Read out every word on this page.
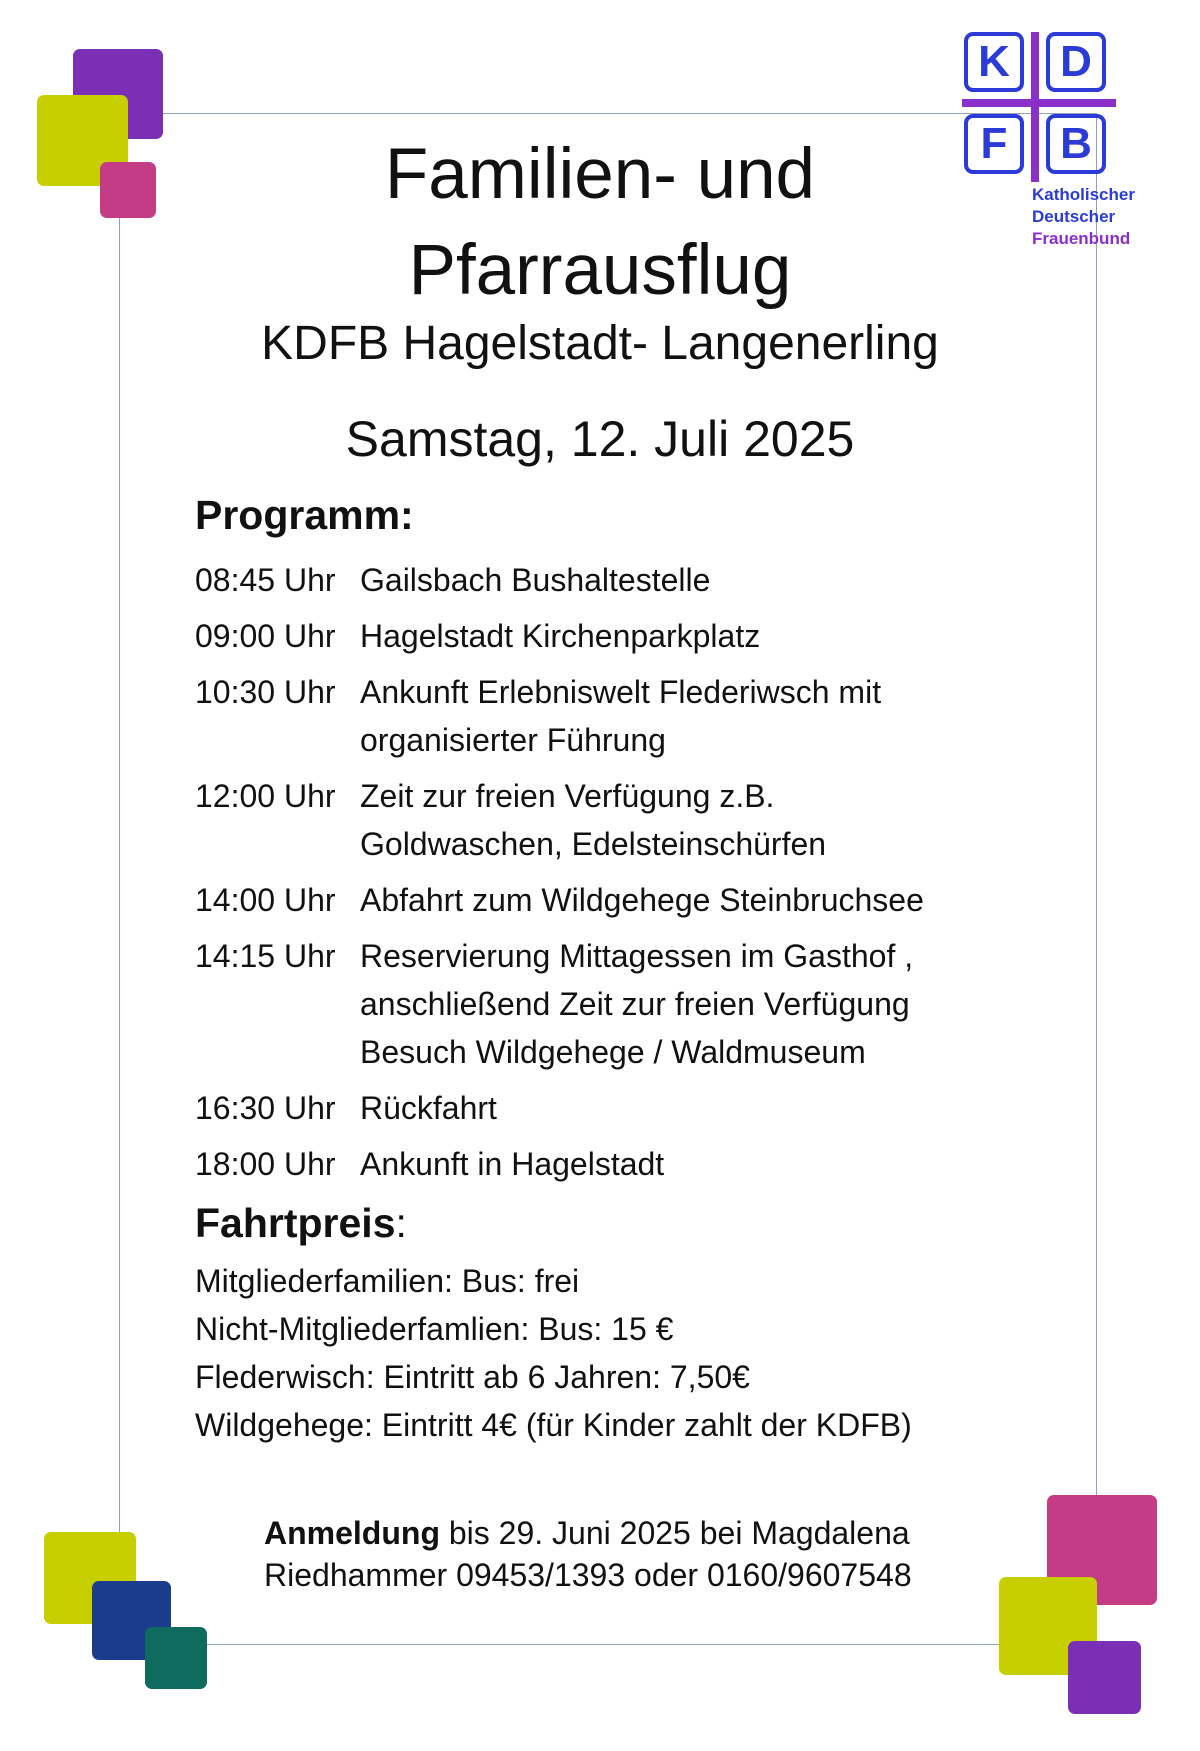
K	D
F	B
Katholischer
Deutscher
Frauenbund
Familien- und
Pfarrausflug
KDFB Hagelstadt- Langenerling
Samstag, 12. Juli 2025
Programm:
08:45 Uhr Gailsbach Bushaltestelle
09:00 Uhr Hagelstadt Kirchenparkplatz
10:30 Uhr Ankunft Erlebniswelt Flederiwsch mit
organisierter Führung
12:00 Uhr Zeit zur freien Verfügung z.B.
Goldwaschen, Edelsteinschürfen
14:00 Uhr Abfahrt zum Wildgehege Steinbruchsee
14:15 Uhr Reservierung Mittagessen im Gasthof ,
anschließend Zeit zur freien Verfügung
Besuch Wildgehege / Waldmuseum
16:30 Uhr Rückfahrt
18:00 Uhr Ankunft in Hagelstadt
Fahrtpreis:
Mitgliederfamilien: Bus: frei
Nicht-Mitgliederfamlien: Bus: 15 €
Flederwisch: Eintritt ab 6 Jahren: 7,50€
Wildgehege: Eintritt 4€ (für Kinder zahlt der KDFB)
Anmeldung bis 29. Juni 2025 bei Magdalena
Riedhammer 09453/1393 oder 0160/9607548
